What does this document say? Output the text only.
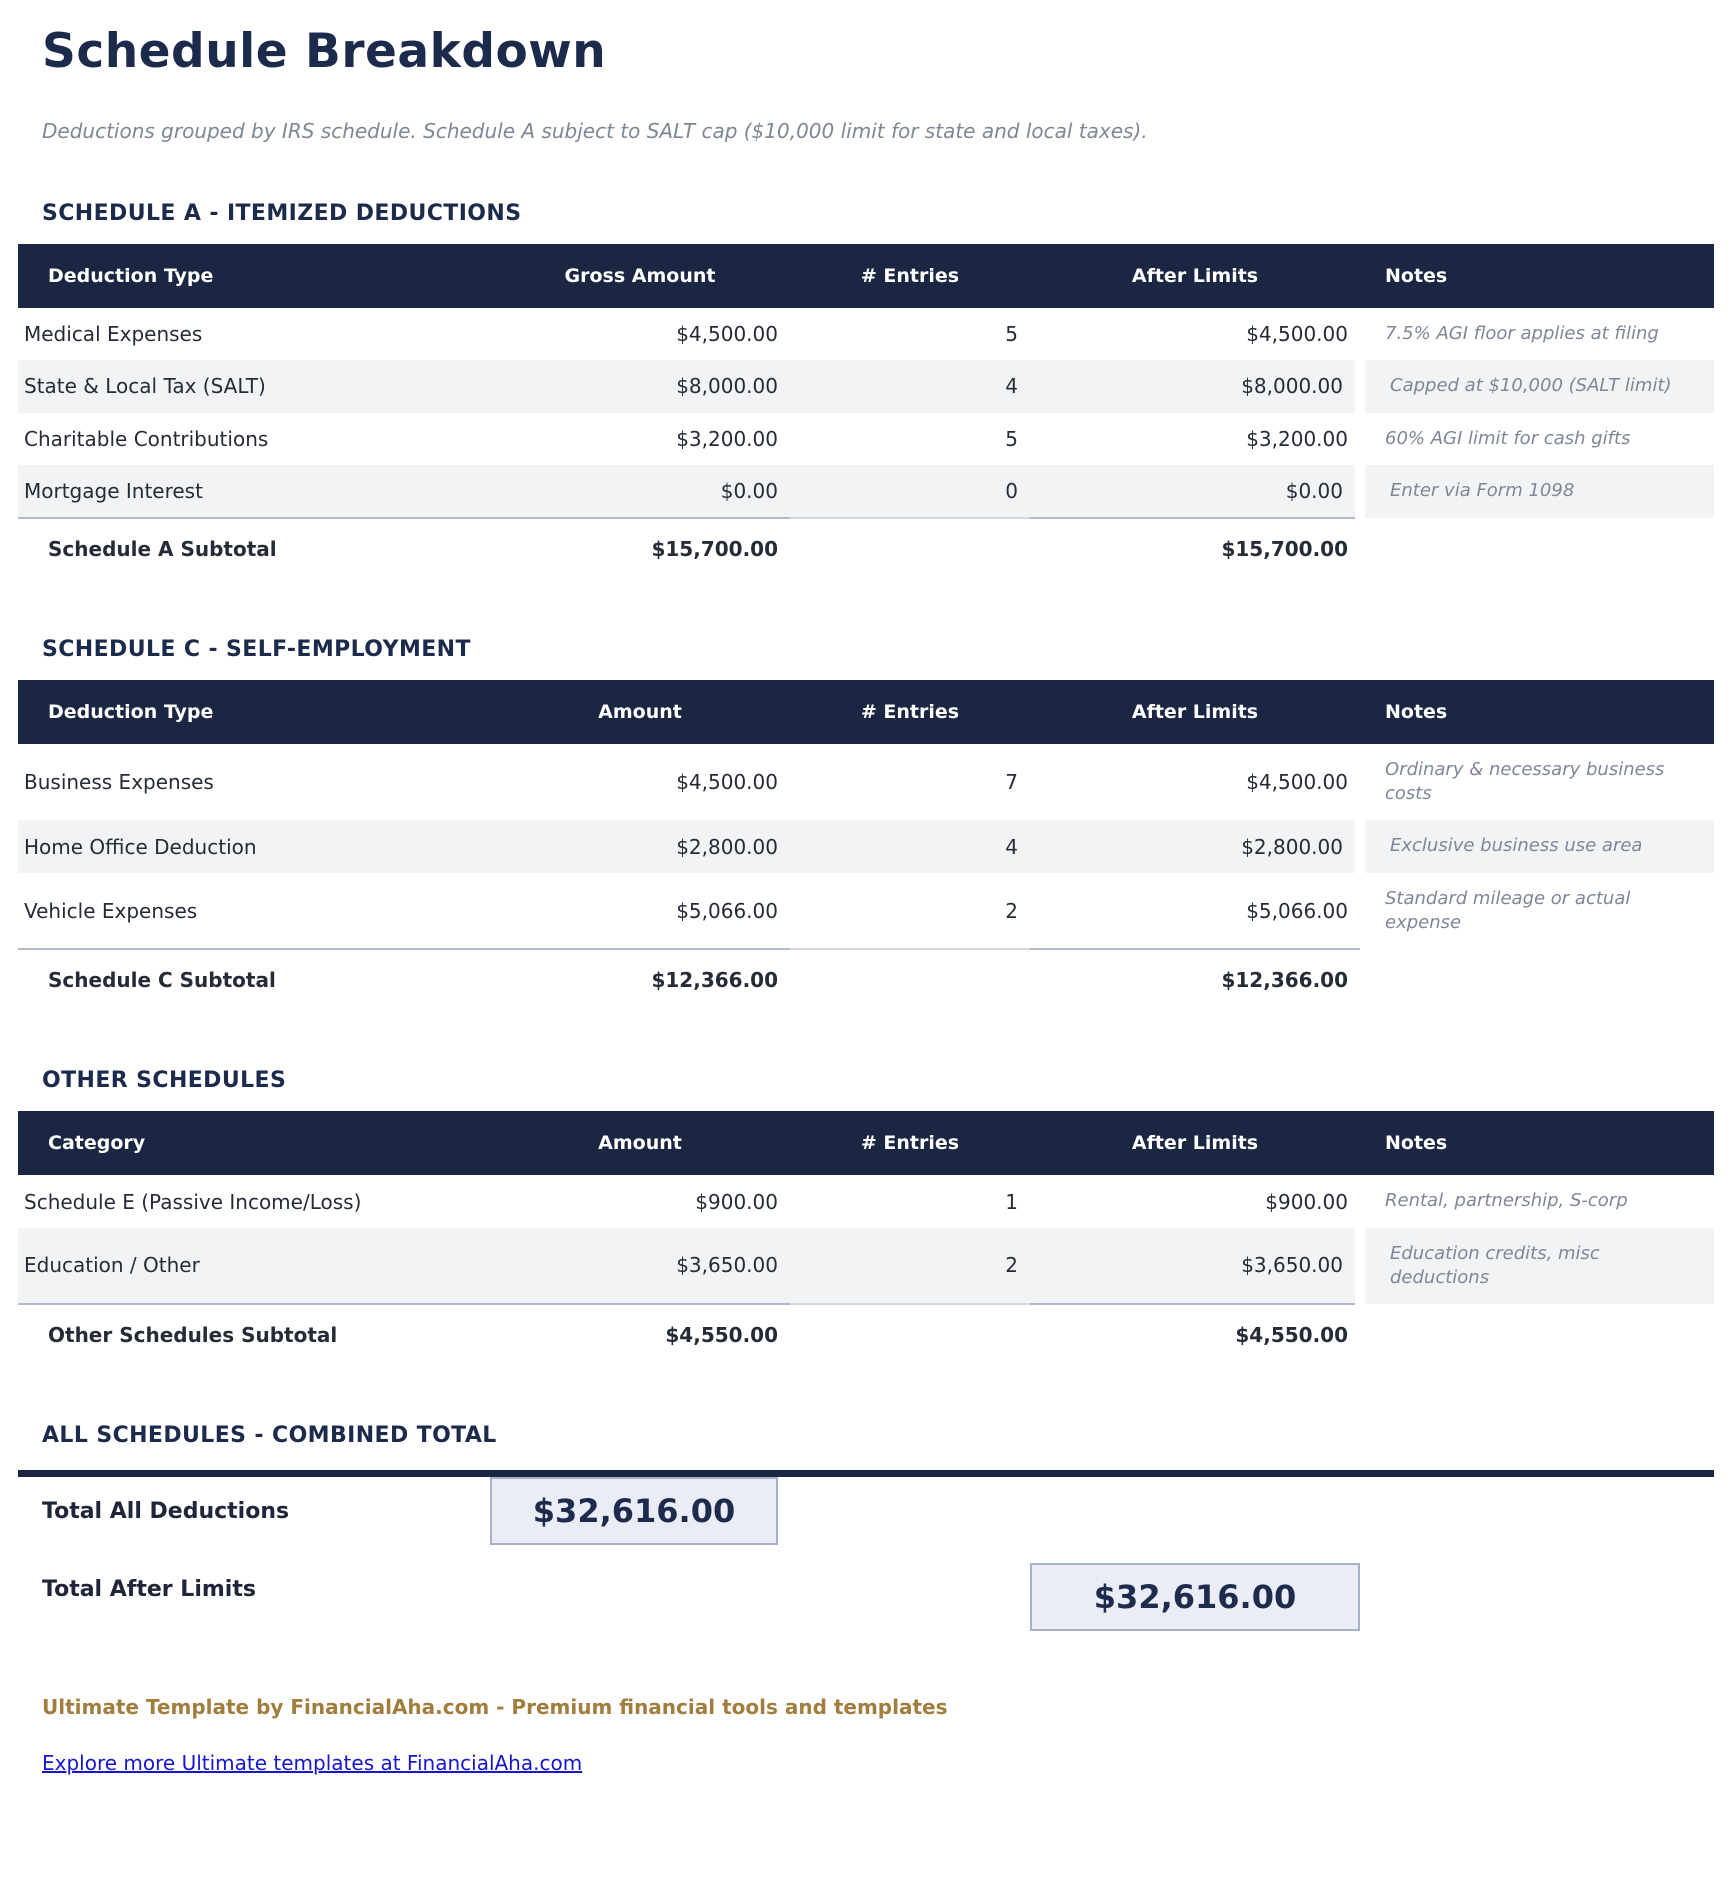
Schedule Breakdown
Deductions grouped by IRS schedule. Schedule A subject to SALT cap ($10,000 limit for state and local taxes).
SCHEDULE A - ITEMIZED DEDUCTIONS
Deduction Type	Gross Amount	# Entries	After Limits	Notes
Medical Expenses	$4,500.00	5	$4,500.00	7.5% AGI floor applies at filing
State & Local Tax (SALT)	$8,000.00	4	$8,000.00	Capped at $10,000 (SALT limit)
Charitable Contributions	$3,200.00	5	$3,200.00	60% AGI limit for cash gifts
Mortgage Interest	$0.00	0	$0.00	Enter via Form 1098
Schedule A Subtotal	$15,700.00		$15,700.00	
SCHEDULE C - SELF-EMPLOYMENT
Deduction Type	Amount	# Entries	After Limits	Notes
Business Expenses	$4,500.00	7	$4,500.00	Ordinary & necessary business costs
Home Office Deduction	$2,800.00	4	$2,800.00	Exclusive business use area
Vehicle Expenses	$5,066.00	2	$5,066.00	Standard mileage or actual expense
Schedule C Subtotal	$12,366.00		$12,366.00	
OTHER SCHEDULES
Category	Amount	# Entries	After Limits	Notes
Schedule E (Passive Income/Loss)	$900.00	1	$900.00	Rental, partnership, S-corp
Education / Other	$3,650.00	2	$3,650.00	Education credits, misc deductions
Other Schedules Subtotal	$4,550.00		$4,550.00	
ALL SCHEDULES - COMBINED TOTAL
Total All Deductions	$32,616.00
Total After Limits	$32,616.00
Ultimate Template by FinancialAha.com - Premium financial tools and templates
Explore more Ultimate templates at FinancialAha.com
